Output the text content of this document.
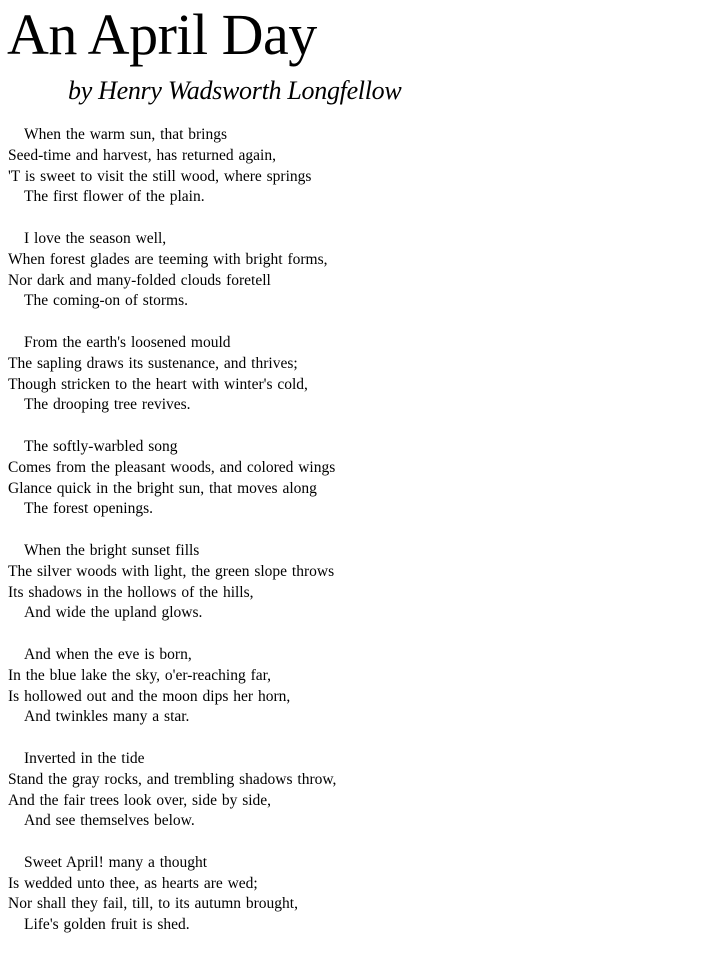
An April Day
by Henry Wadsworth Longfellow
When the warm sun, that brings
Seed-time and harvest, has returned again,
'T is sweet to visit the still wood, where springs
The first flower of the plain.
I love the season well,
When forest glades are teeming with bright forms,
Nor dark and many-folded clouds foretell
The coming-on of storms.
From the earth's loosened mould
The sapling draws its sustenance, and thrives;
Though stricken to the heart with winter's cold,
The drooping tree revives.
The softly-warbled song
Comes from the pleasant woods, and colored wings
Glance quick in the bright sun, that moves along
The forest openings.
When the bright sunset fills
The silver woods with light, the green slope throws
Its shadows in the hollows of the hills,
And wide the upland glows.
And when the eve is born,
In the blue lake the sky, o'er-reaching far,
Is hollowed out and the moon dips her horn,
And twinkles many a star.
Inverted in the tide
Stand the gray rocks, and trembling shadows throw,
And the fair trees look over, side by side,
And see themselves below.
Sweet April! many a thought
Is wedded unto thee, as hearts are wed;
Nor shall they fail, till, to its autumn brought,
Life's golden fruit is shed.
